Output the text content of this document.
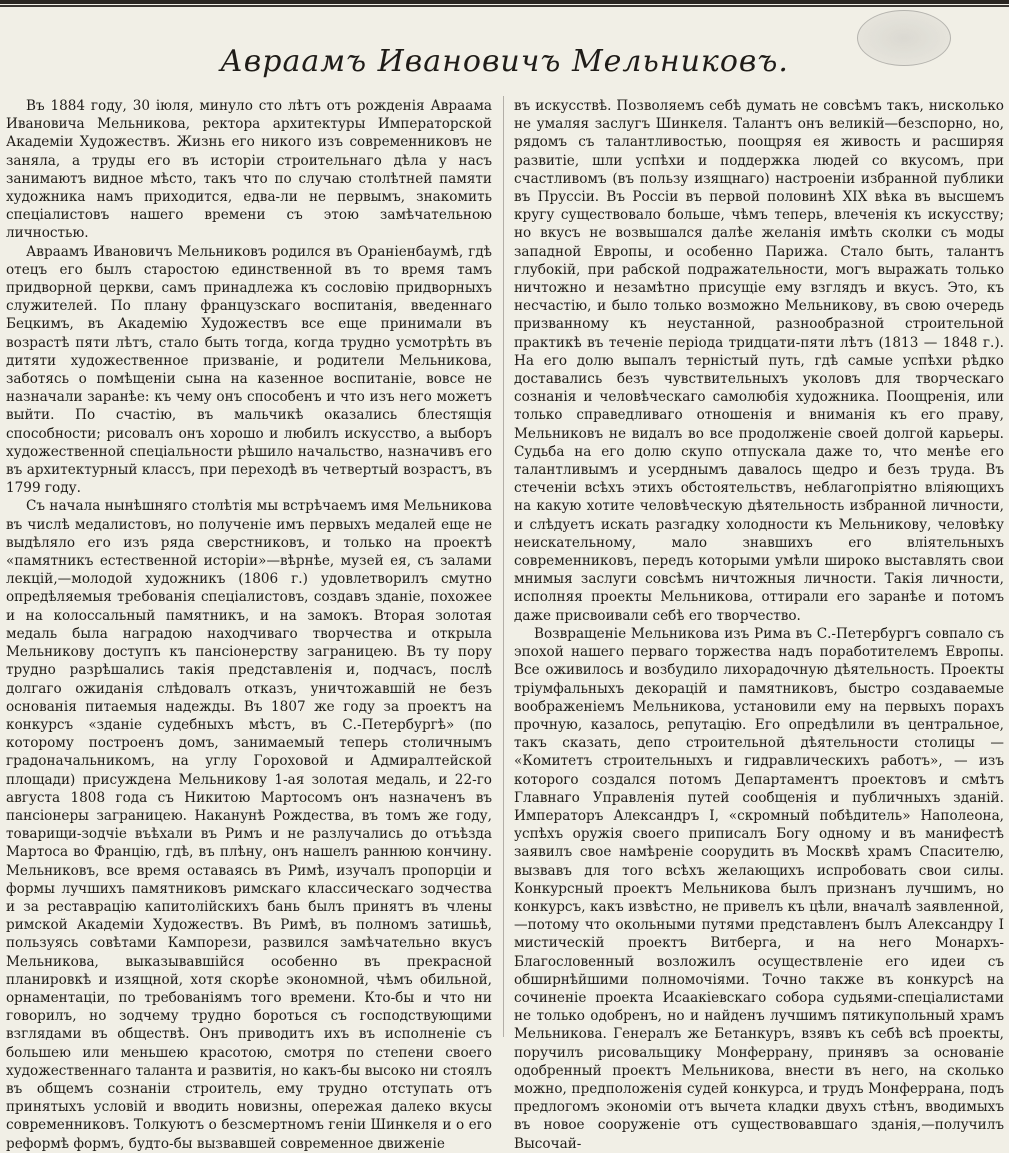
Авраамъ Ивановичъ Мельниковъ.

Въ 1884 году, 30 іюля, минуло сто лѣтъ отъ рожденія Авраама Ивановича Мельникова, ректора архитектуры Императорской Академіи Художествъ. Жизнь его никого изъ современниковъ не заняла, а труды его въ исторіи строительнаго дѣла у насъ занимаютъ видное мѣсто, такъ что по случаю столѣтней памяти художника намъ приходится, едва-ли не первымъ, знакомить спеціалистовъ нашего времени съ этою замѣчательною личностью.

Авраамъ Ивановичъ Мельниковъ родился въ Ораніенбаумѣ, гдѣ отецъ его былъ старостою единственной въ то время тамъ придворной церкви, самъ принадлежа къ сословію придворныхъ служителей. По плану французскаго воспитанія, введеннаго Бецкимъ, въ Академію Художествъ все еще принимали въ возрастѣ пяти лѣтъ, стало быть тогда, когда трудно усмотрѣть въ дитяти художественное призваніе, и родители Мельникова, заботясь о помѣщеніи сына на казенное воспитаніе, вовсе не назначали заранѣе: къ чему онъ способенъ и что изъ него можетъ выйти. По счастію, въ мальчикѣ оказались блестящія способности; рисовалъ онъ хорошо и любилъ искусство, а выборъ художественной спеціальности рѣшило начальство, назначивъ его въ архитектурный классъ, при переходѣ въ четвертый возрастъ, въ 1799 году.

Съ начала нынѣшняго столѣтія мы встрѣчаемъ имя Мельникова въ числѣ медалистовъ, но полученіе имъ первыхъ медалей еще не выдѣляло его изъ ряда сверстниковъ, и только на проектѣ «памятникъ естественной исторіи»—вѣрнѣе, музей ея, съ залами лекцій,—молодой художникъ (1806 г.) удовлетворилъ смутно опредѣляемыя требованія спеціалистовъ, создавъ зданіе, похожее и на колоссальный памятникъ, и на замокъ. Вторая золотая медаль была наградою находчиваго творчества и открыла Мельникову доступъ къ пансіонерству заграницею. Въ ту пору трудно разрѣшались такія представленія и, подчасъ, послѣ долгаго ожиданія слѣдовалъ отказъ, уничтожавшій не безъ основанія питаемыя надежды. Въ 1807 же году за проектъ на конкурсъ «зданіе судебныхъ мѣстъ, въ С.-Петербургѣ» (по которому построенъ домъ, занимаемый теперь столичнымъ градоначальникомъ, на углу Гороховой и Адмиралтейской площади) присужденa Мельникову 1-ая золотая медаль, и 22-го августа 1808 года съ Никитою Мартосомъ онъ назначенъ въ пансіонеры заграницею. Наканунѣ Рождества, въ томъ же году, товарищи-зодчіе въѣхали въ Римъ и не разлучались до отъѣзда Мартоса во Францію, гдѣ, въ плѣну, онъ нашелъ раннюю кончину. Мельниковъ, все время оставаясь въ Римѣ, изучалъ пропорціи и формы лучшихъ памятниковъ римскаго классическаго зодчества и за реставрацію капитолійскихъ бань былъ принятъ въ члены римской Академіи Художествъ. Въ Римѣ, въ полномъ затишьѣ, пользуясь совѣтами Кампорези, развился замѣчательно вкусъ Мельникова, выказывавшійся особенно въ прекрасной планировкѣ и изящной, хотя скорѣе экономной, чѣмъ обильной, орнаментаціи, по требованіямъ того времени. Кто-бы и что ни говорилъ, но зодчему трудно бороться съ господствующими взглядами въ обществѣ. Онъ приводитъ ихъ въ исполненіе съ большею или меньшею красотою, смотря по степени своего художественнаго таланта и развитія, но какъ-бы высоко ни стоялъ въ общемъ сознаніи строитель, ему трудно отступать отъ принятыхъ условій и вводить новизны, опережая далеко вкусы современниковъ. Толкуютъ о безсмертномъ геніи Шинкеля и о его реформѣ формъ, будто-бы вызвавшей современное движеніе

въ искусствѣ. Позволяемъ себѣ думать не совсѣмъ такъ, нисколько не умаляя заслугъ Шинкеля. Талантъ онъ великій—безспорно, но, рядомъ съ талантливостью, поощряя ея живость и расширяя развитіе, шли успѣхи и поддержка людей со вкусомъ, при счастливомъ (въ пользу изящнаго) настроеніи избранной публики въ Пруссіи. Въ Россіи въ первой половинѣ XIX вѣка въ высшемъ кругу существовало больше, чѣмъ теперь, влеченія къ искусству; но вкусъ не возвышался далѣе желанія имѣть сколки съ моды западной Европы, и особенно Парижа. Стало быть, талантъ глубокій, при рабской подражательности, могъ выражать только ничтожно и незамѣтно присущіе ему взглядъ и вкусъ. Это, къ несчастію, и было только возможно Мельникову, въ свою очередь призванному къ неустанной, разнообразной строительной практикѣ въ теченіе періода тридцати-пяти лѣтъ (1813 — 1848 г.). На его долю выпалъ терністый путь, гдѣ самые успѣхи рѣдко доставались безъ чувствительныхъ уколовъ для творческаго сознанія и человѣческаго самолюбія художника. Поощренія, или только справедливаго отношенія и вниманія къ его праву, Мельниковъ не видалъ во все продолженіе своей долгой карьеры. Судьба на его долю скупо отпускала даже то, что менѣе его талантливымъ и усерднымъ давалось щедро и безъ труда. Въ стеченіи всѣхъ этихъ обстоятельствъ, неблагопріятно вліяющихъ на какую хотите человѣческую дѣятельность избранной личности, и слѣдуетъ искать разгадку холодности къ Мельникову, человѣку неискательному, мало знавшихъ его вліятельныхъ современниковъ, передъ которыми умѣли широко выставлять свои мнимыя заслуги совсѣмъ ничтожныя личности. Такія личности, исполняя проекты Мельникова, оттирали его заранѣе и потомъ даже присвоивали себѣ его творчество.

Возвращеніе Мельникова изъ Рима въ С.-Петербургъ совпало съ эпохой нашего перваго торжества надъ поработителемъ Европы. Все оживилось и возбудило лихорадочную дѣятельность. Проекты тріумфальныхъ декорацій и памятниковъ, быстро создаваемые воображеніемъ Мельникова, установили ему на первыхъ порахъ прочную, казалось, репутацію. Его опредѣлили въ центральное, такъ сказать, депо строительной дѣятельности столицы — «Комитетъ строительныхъ и гидравлическихъ работъ», — изъ которого создался потомъ Департаментъ проектовъ и смѣтъ Главнаго Управленія путей сообщенія и публичныхъ зданій. Императоръ Александръ I, «скромный побѣдитель» Наполеона, успѣхъ оружія своего приписалъ Богу одному и въ манифестѣ заявилъ свое намѣреніе соорудить въ Москвѣ храмъ Спасителю, вызвавъ для того всѣхъ желающихъ испробовать свои силы. Конкурсный проектъ Мельникова былъ признанъ лучшимъ, но конкурсъ, какъ извѣстно, не привелъ къ цѣли, вначалѣ заявленной,—потому что окольными путями представленъ былъ Александру I мистическій проектъ Витберга, и на него Монархъ-Благословенный возложилъ осуществленіе его идеи съ обширнѣйшими полномочіями. Точно также въ конкурсѣ на сочиненіе проекта Исаакіевскаго собора судьями-спеціалистами не только одобренъ, но и найденъ лучшимъ пятикупольный храмъ Мельникова. Генералъ же Бетанкуръ, взявъ къ себѣ всѣ проекты, поручилъ рисовальщику Монферрану, принявъ за основаніе одобренный проектъ Мельникова, внести въ него, на сколько можно, предположенія судей конкурса, и трудъ Монферрана, подъ предлогомъ экономіи отъ вычета кладки двухъ стѣнъ, вводимыхъ въ новое сооруженіе отъ существовавшаго зданія,—получилъ Высочай-
